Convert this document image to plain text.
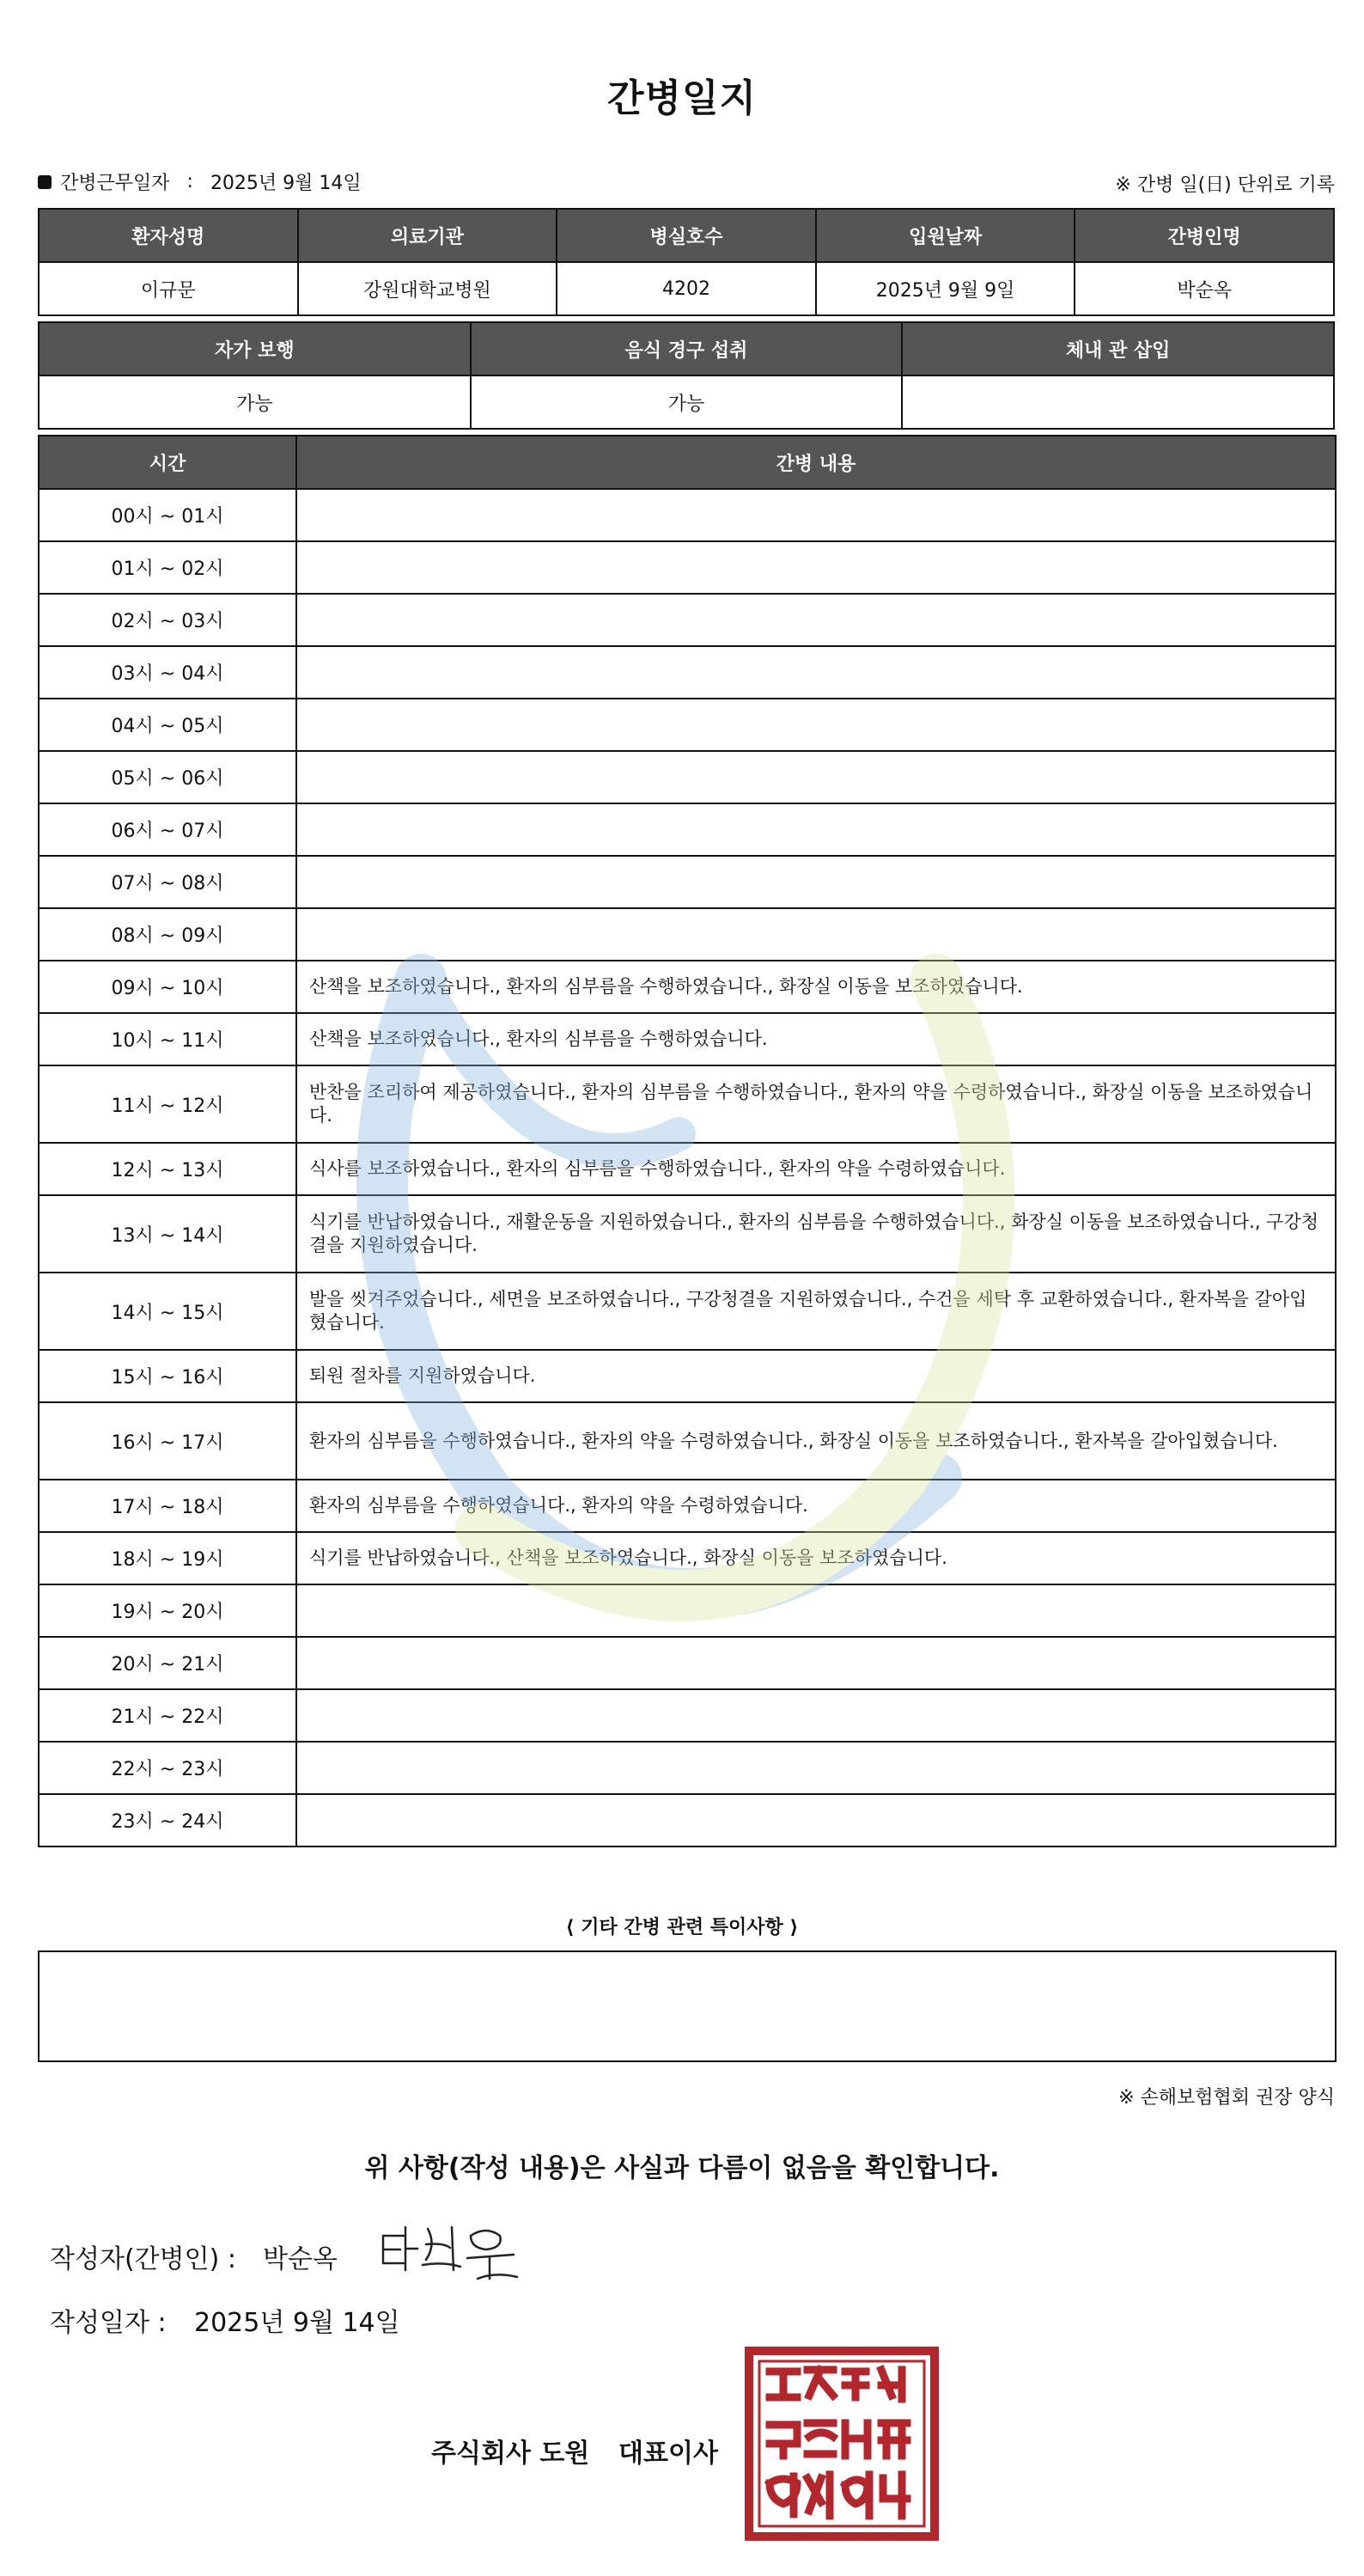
간병일지
간병근무일자 : 2025년 9월 14일	※ 간병 일(日) 단위로 기록
환자성명	의료기관	병실호수	입원날짜	간병인명
이규문	강원대학교병원	4202	2025년 9월 9일	박순옥
자가 보행	음식 경구 섭취	체내 관 삽입
가능	가능	
시간	간병 내용
00시 ~ 01시	
01시 ~ 02시	
02시 ~ 03시	
03시 ~ 04시	
04시 ~ 05시	
05시 ~ 06시	
06시 ~ 07시	
07시 ~ 08시	
08시 ~ 09시	
09시 ~ 10시	산책을 보조하였습니다., 환자의 심부름을 수행하였습니다., 화장실 이동을 보조하였습니다.
10시 ~ 11시	산책을 보조하였습니다., 환자의 심부름을 수행하였습니다.
11시 ~ 12시	반찬을 조리하여 제공하였습니다., 환자의 심부름을 수행하였습니다., 환자의 약을 수령하였습니다., 화장실 이동을 보조하였습니다.
12시 ~ 13시	식사를 보조하였습니다., 환자의 심부름을 수행하였습니다., 환자의 약을 수령하였습니다.
13시 ~ 14시	식기를 반납하였습니다., 재활운동을 지원하였습니다., 환자의 심부름을 수행하였습니다., 화장실 이동을 보조하였습니다., 구강청결을 지원하였습니다.
14시 ~ 15시	발을 씻겨주었습니다., 세면을 보조하였습니다., 구강청결을 지원하였습니다., 수건을 세탁 후 교환하였습니다., 환자복을 갈아입혔습니다.
15시 ~ 16시	퇴원 절차를 지원하였습니다.
16시 ~ 17시	환자의 심부름을 수행하였습니다., 환자의 약을 수령하였습니다., 화장실 이동을 보조하였습니다., 환자복을 갈아입혔습니다.
17시 ~ 18시	환자의 심부름을 수행하였습니다., 환자의 약을 수령하였습니다.
18시 ~ 19시	식기를 반납하였습니다., 산책을 보조하였습니다., 화장실 이동을 보조하였습니다.
19시 ~ 20시	
20시 ~ 21시	
21시 ~ 22시	
22시 ~ 23시	
23시 ~ 24시	
⟨ 기타 간병 관련 특이사항 ⟩
※ 손해보험협회 권장 양식
위 사항(작성 내용)은 사실과 다름이 없음을 확인합니다.
작성자(간병인) : 박순옥
작성일자 : 2025년 9월 14일
주식회사 도원 대표이사
